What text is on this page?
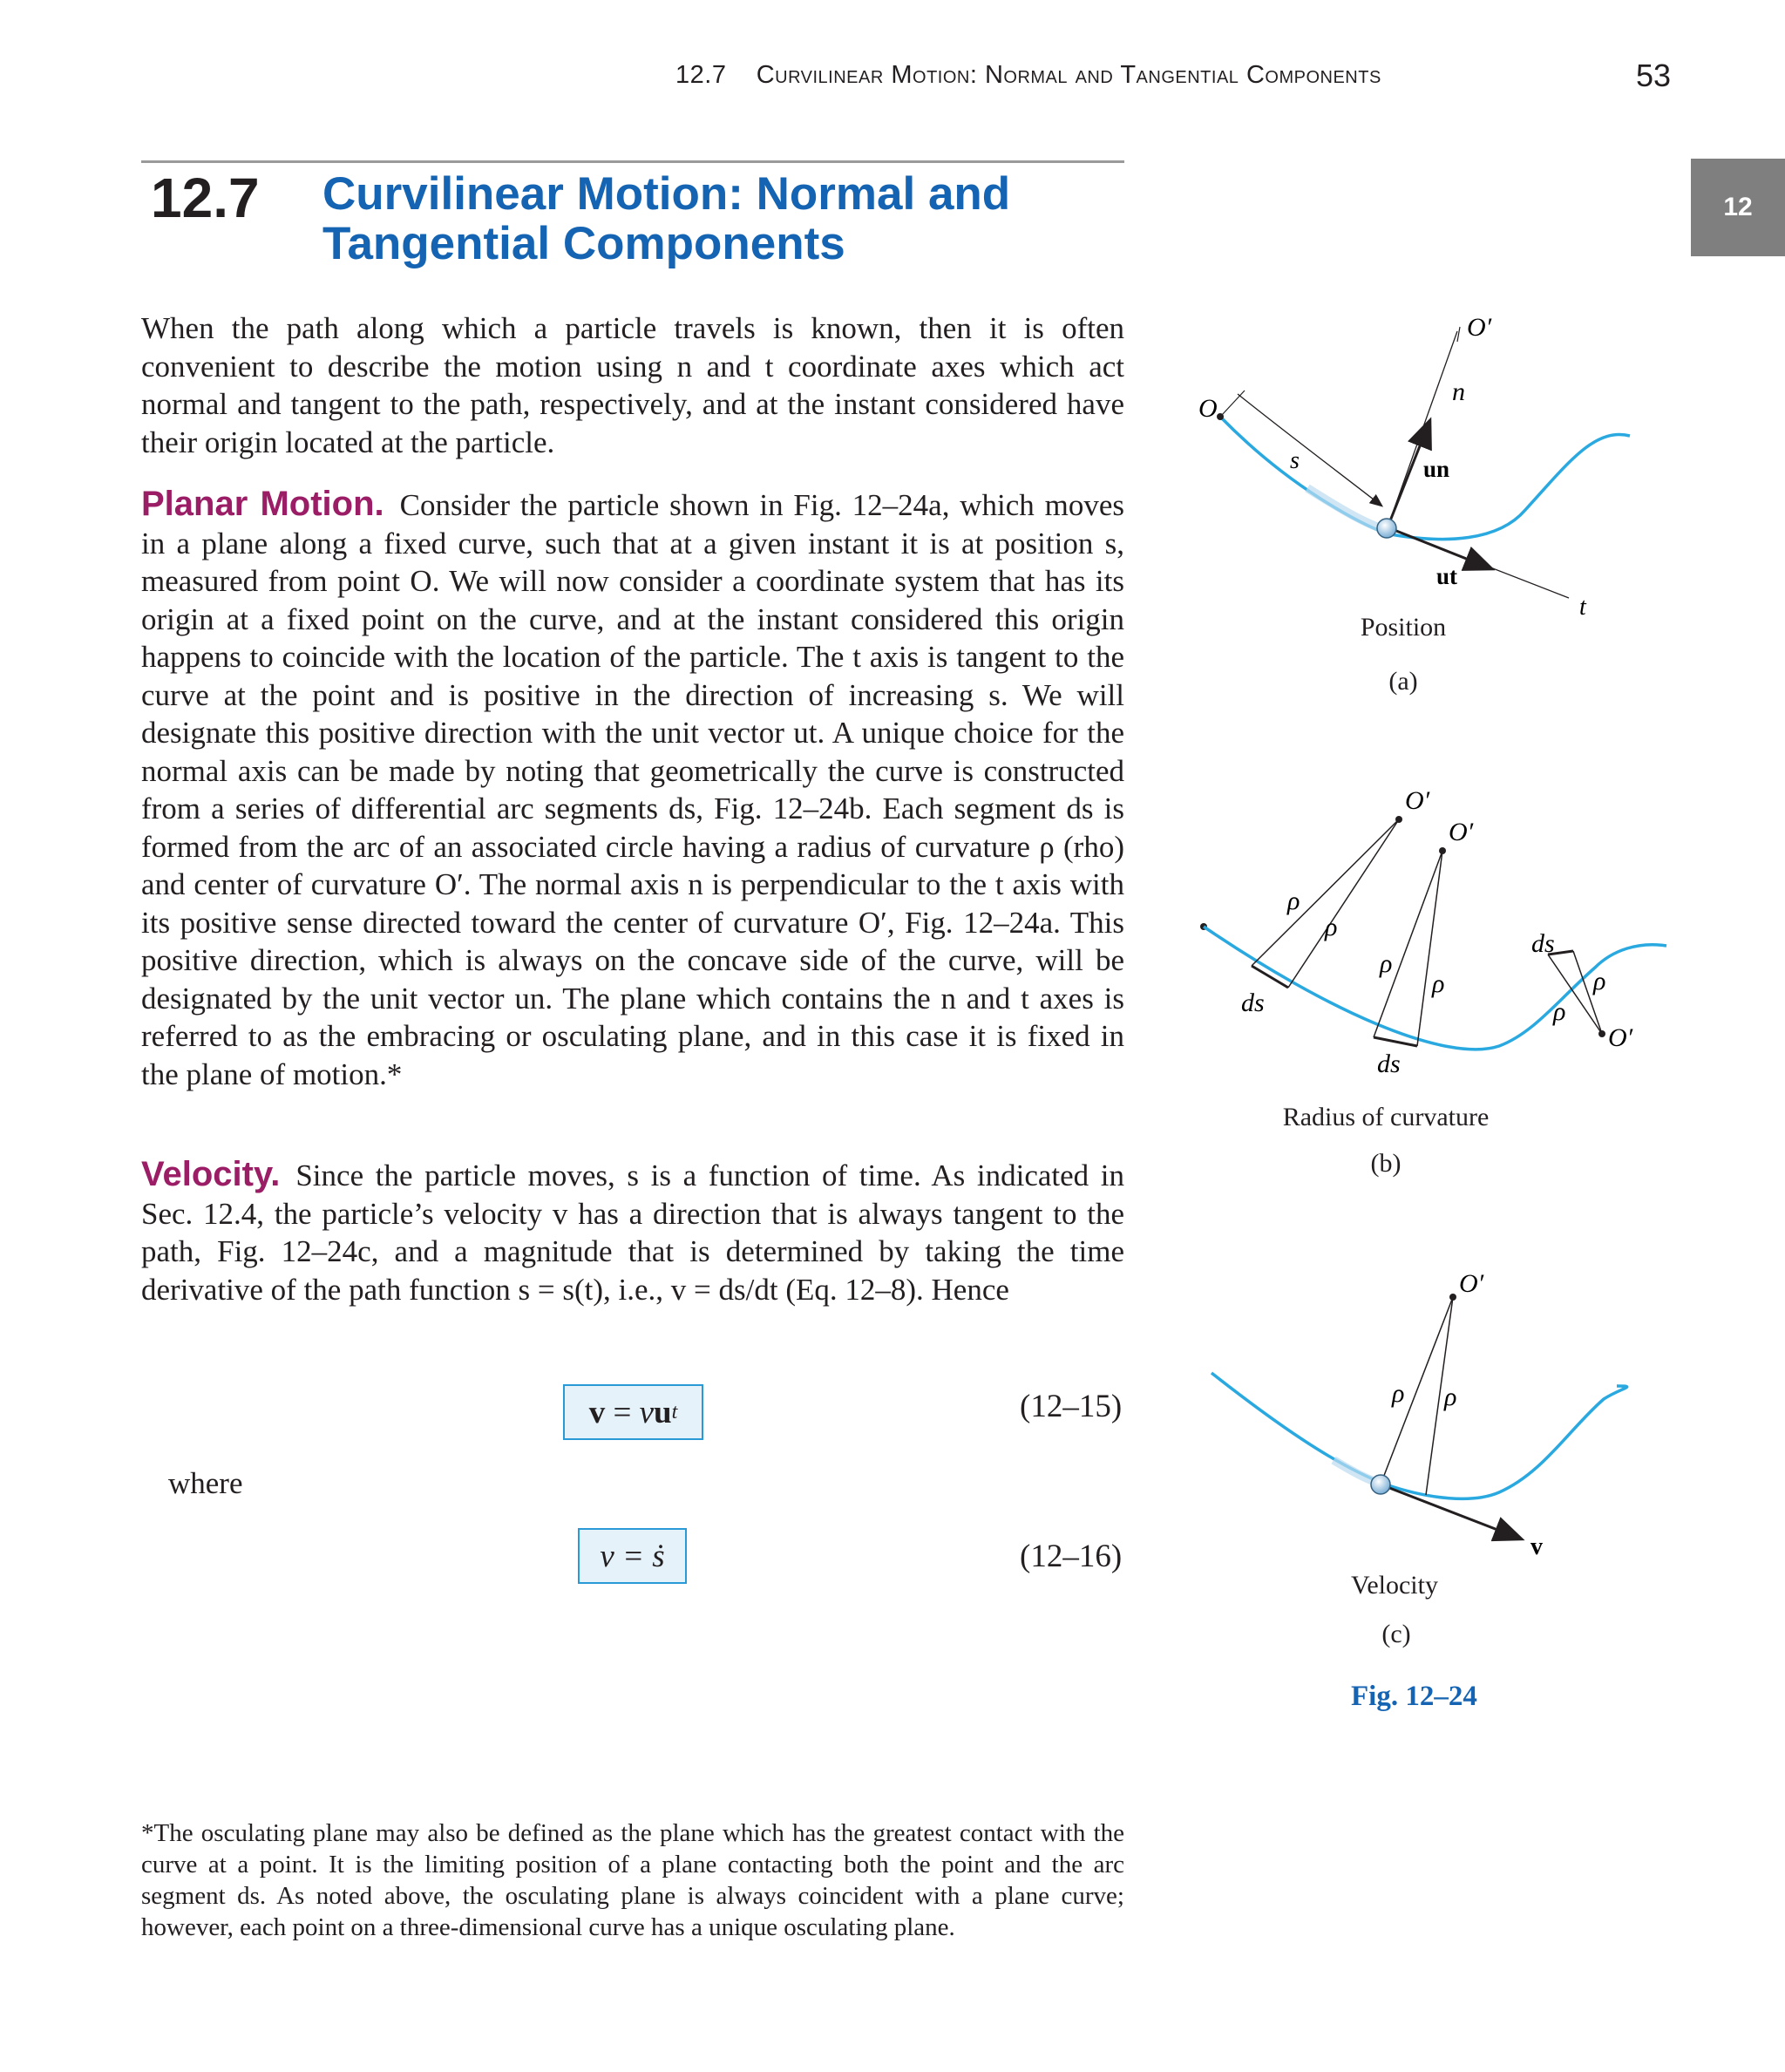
12.7 Curvilinear Motion: Normal and Tangential Components	53
12
12.7 Curvilinear Motion: Normal and
Tangential Components
When the path along which a particle travels is known, then it is often convenient to describe the motion using n and t coordinate axes which act normal and tangent to the path, respectively, and at the instant considered have their origin located at the particle.
Planar Motion. Consider the particle shown in Fig. 12–24a, which moves in a plane along a fixed curve, such that at a given instant it is at position s, measured from point O. We will now consider a coordinate system that has its origin at a fixed point on the curve, and at the instant considered this origin happens to coincide with the location of the particle. The t axis is tangent to the curve at the point and is positive in the direction of increasing s. We will designate this positive direction with the unit vector ut. A unique choice for the normal axis can be made by noting that geometrically the curve is constructed from a series of differential arc segments ds, Fig. 12–24b. Each segment ds is formed from the arc of an associated circle having a radius of curvature ρ (rho) and center of curvature O′. The normal axis n is perpendicular to the t axis with its positive sense directed toward the center of curvature O′, Fig. 12–24a. This positive direction, which is always on the concave side of the curve, will be designated by the unit vector un. The plane which contains the n and t axes is referred to as the embracing or osculating plane, and in this case it is fixed in the plane of motion.*
Velocity. Since the particle moves, s is a function of time. As indicated in Sec. 12.4, the particle’s velocity v has a direction that is always tangent to the path, Fig. 12–24c, and a magnitude that is determined by taking the time derivative of the path function s = s(t), i.e., v = ds/dt (Eq. 12–8). Hence
v = v u t	(12–15)
where
v = ṡ	(12–16)
*The osculating plane may also be defined as the plane which has the greatest contact with the curve at a point. It is the limiting position of a plane contacting both the point and the arc segment ds. As noted above, the osculating plane is always coincident with a plane curve; however, each point on a three-dimensional curve has a unique osculating plane.
O
s
O′
n
un
ut
t
O′
O′
O′
ρ
ρ
ρ
ρ
ρ
ρ
ds
ds
ds
O′
ρ ρ
v
Position
(a)
Radius of curvature
(b)
Velocity
(c)
Fig. 12–24
